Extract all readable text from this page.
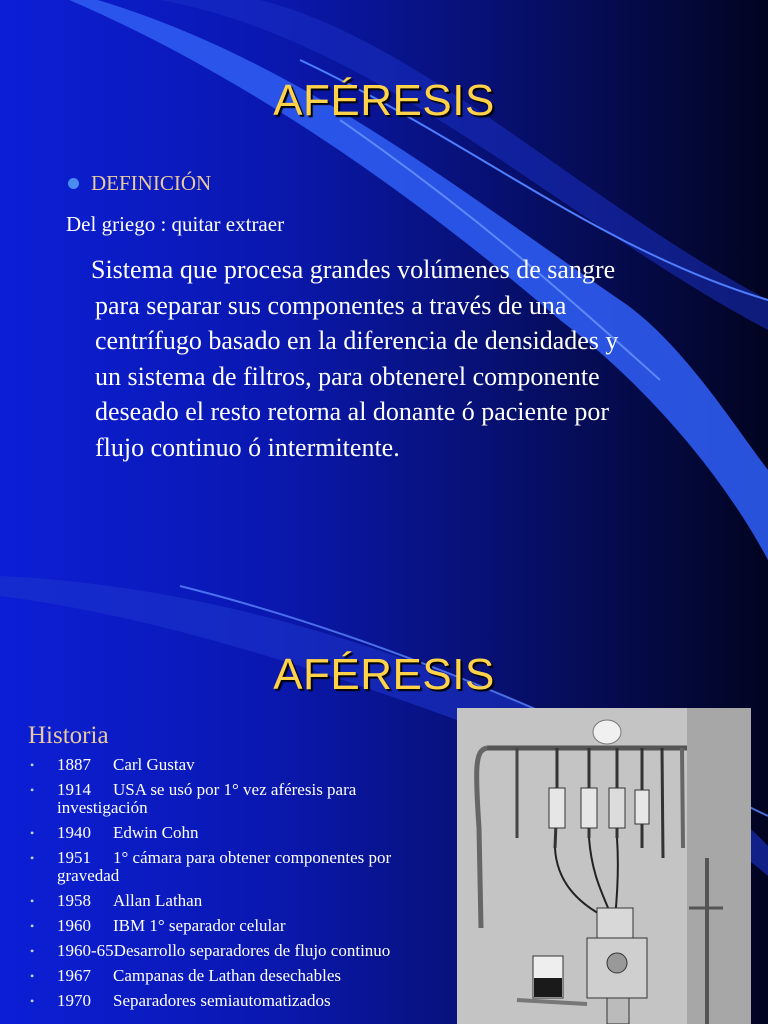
AFÉRESIS
DEFINICIÓN
Del griego : quitar extraer
Sistema que procesa grandes volúmenes de sangre
para separar sus componentes a través de una
centrífugo basado en la diferencia de densidades y
un sistema de filtros, para obtenerel componente
deseado el resto retorna al donante ó paciente por
flujo continuo ó intermitente.
AFÉRESIS
Historia
• 1887 Carl Gustav
• 1914 USA se usó por 1° vez aféresis para investigación
• 1940 Edwin Cohn
• 1951 1° cámara para obtener componentes por gravedad
• 1958 Allan Lathan
• 1960 IBM 1° separador celular
• 1960-65Desarrollo separadores de flujo continuo
• 1967 Campanas de Lathan desechables
• 1970 Separadores semiautomatizados
